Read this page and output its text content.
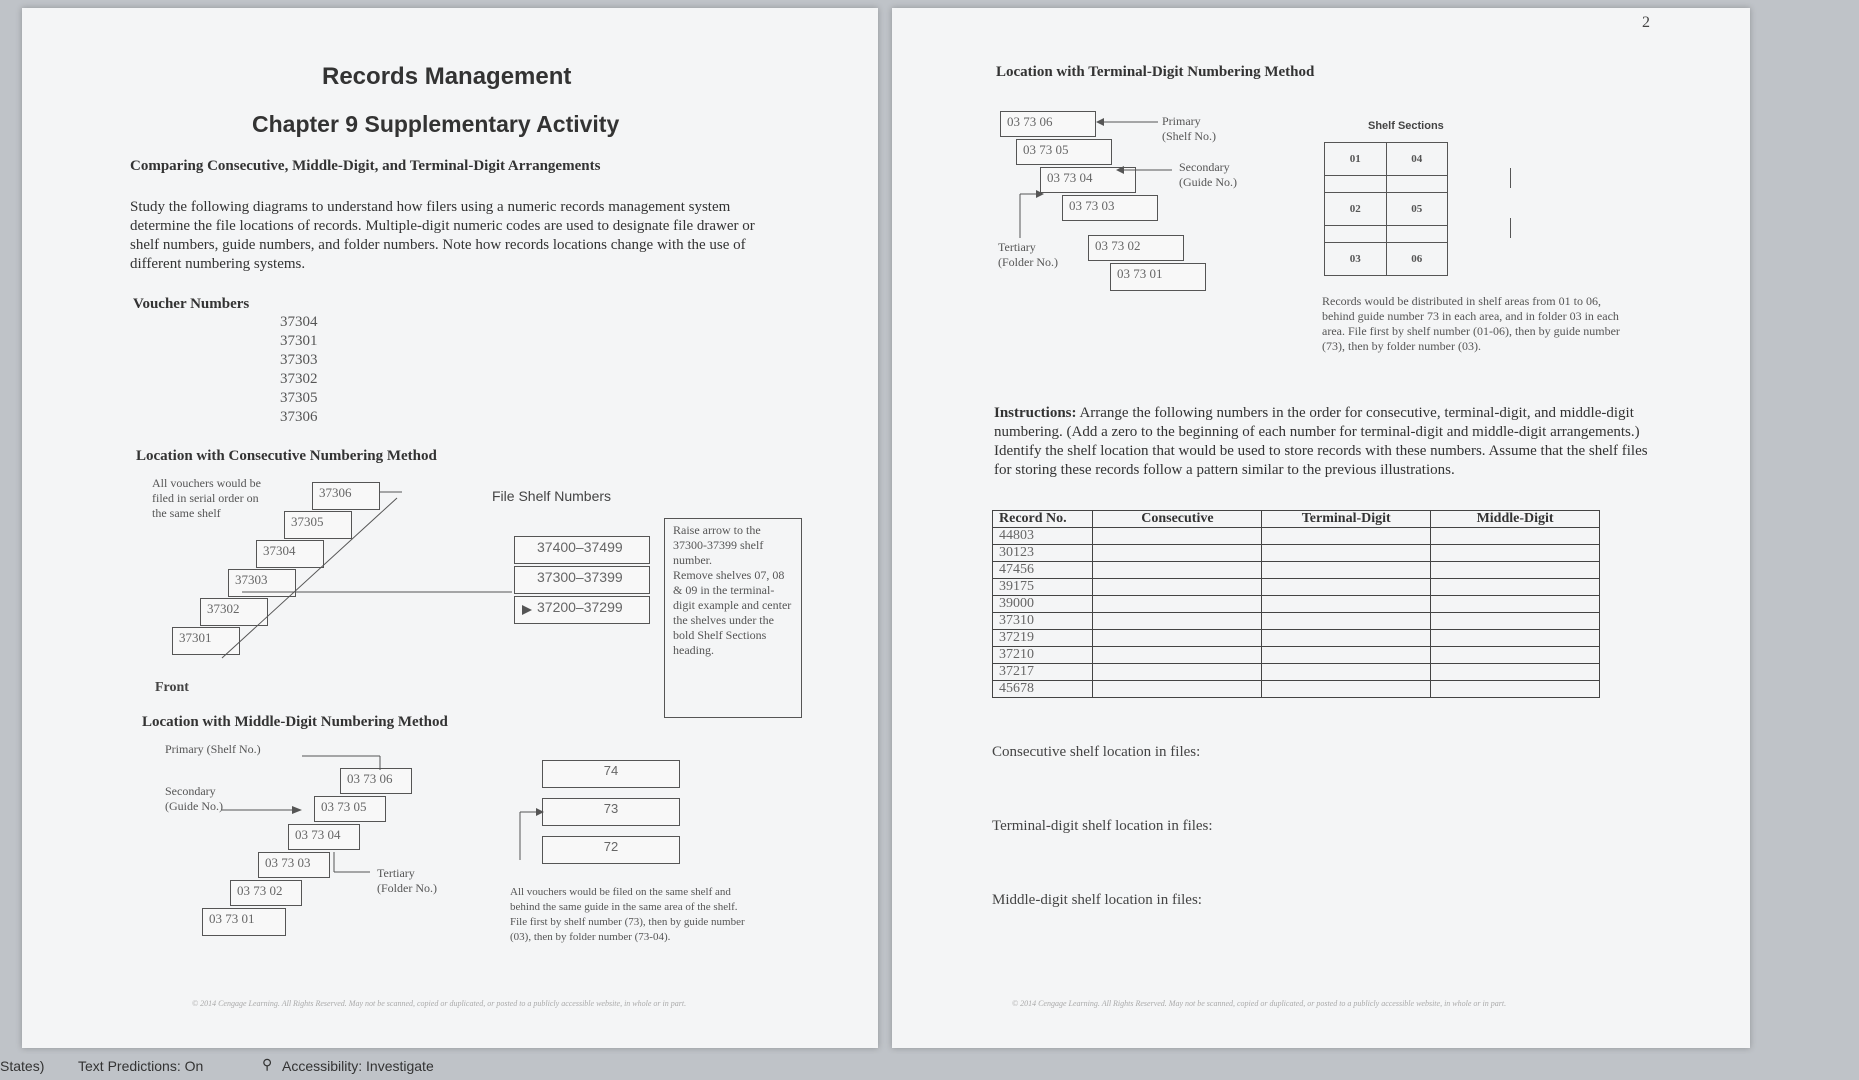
Records Management
Chapter 9 Supplementary Activity
Comparing Consecutive, Middle-Digit, and Terminal-Digit Arrangements
Study the following diagrams to understand how filers using a numeric records management system determine the file locations of records. Multiple-digit numeric codes are used to designate file drawer or shelf numbers, guide numbers, and folder numbers. Note how records locations change with the use of different numbering systems.
Voucher Numbers
37304
37301
37303
37302
37305
37306
Location with Consecutive Numbering Method
All vouchers would be filed in serial order on the same shelf
37306
37305
37304
37303
37302
37301
Front
File Shelf Numbers
37400–37499
37300–37399
37200–37299
Raise arrow to the 37300-37399 shelf number.
Remove shelves 07, 08 & 09 in the terminal-digit example and center the shelves under the bold Shelf Sections heading.
Location with Middle-Digit Numbering Method
Primary (Shelf No.)
Secondary (Guide No.)
Tertiary (Folder No.)
03 73 06
03 73 05
03 73 04
03 73 03
03 73 02
03 73 01
74
73
72
All vouchers would be filed on the same shelf and behind the same guide in the same area of the shelf. File first by shelf number (73), then by guide number (03), then by folder number (73-04).
© 2014 Cengage Learning. All Rights Reserved. May not be scanned, copied or duplicated, or posted to a publicly accessible website, in whole or in part.
2
Location with Terminal-Digit Numbering Method
03 73 06
03 73 05
03 73 04
03 73 03
03 73 02
03 73 01
Primary (Shelf No.)
Secondary (Guide No.)
Tertiary (Folder No.)
Shelf Sections
01	04

02	05

03	06
Records would be distributed in shelf areas from 01 to 06, behind guide number 73 in each area, and in folder 03 in each area. File first by shelf number (01-06), then by guide number (73), then by folder number (03).
Instructions: Arrange the following numbers in the order for consecutive, terminal-digit, and middle-digit numbering. (Add a zero to the beginning of each number for terminal-digit and middle-digit arrangements.) Identify the shelf location that would be used to store records with these numbers. Assume that the shelf files for storing these records follow a pattern similar to the previous illustrations.
Record No.	Consecutive	Terminal-Digit	Middle-Digit
44803			
30123			
47456			
39175			
39000			
37310			
37219			
37210			
37217			
45678			
Consecutive shelf location in files:
Terminal-digit shelf location in files:
Middle-digit shelf location in files:
© 2014 Cengage Learning. All Rights Reserved. May not be scanned, copied or duplicated, or posted to a publicly accessible website, in whole or in part.
States) Text Predictions: On	⚲ Accessibility: Investigate
